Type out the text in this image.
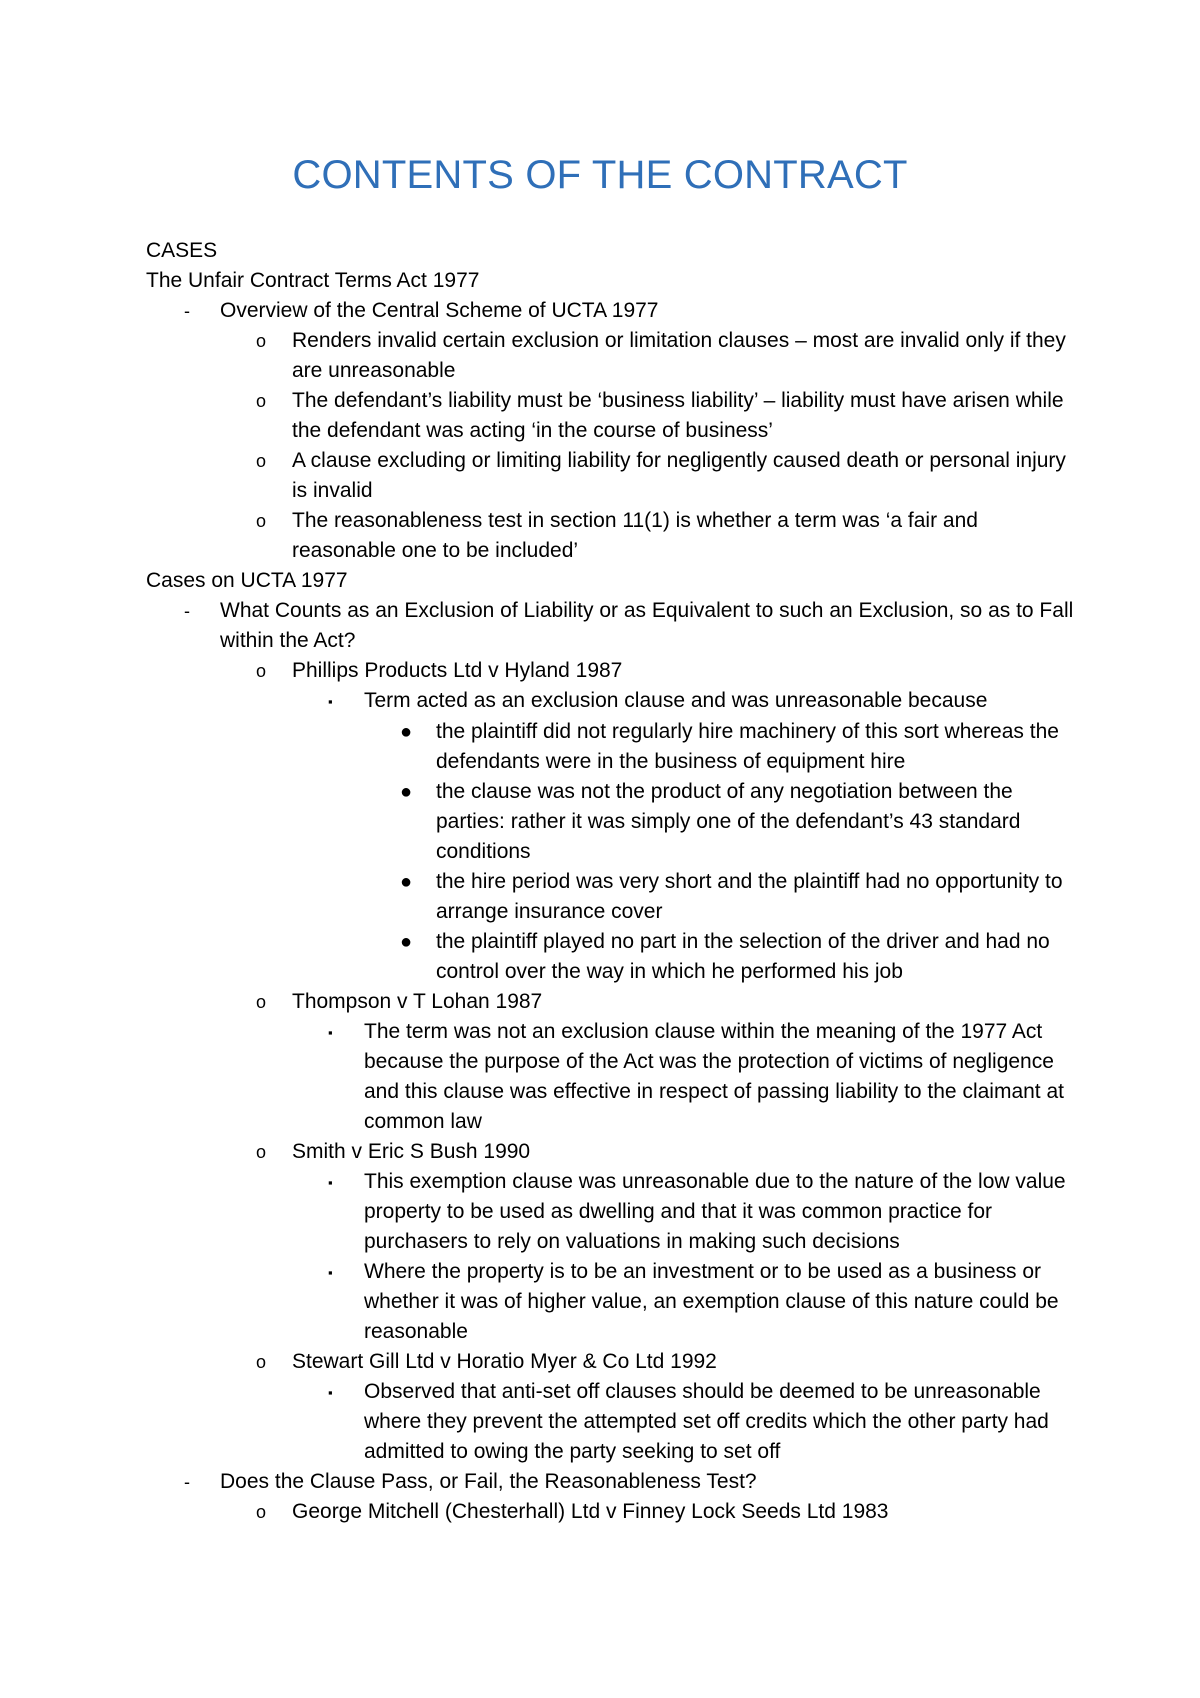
CONTENTS OF THE CONTRACT
CASES
The Unfair Contract Terms Act 1977
-	Overview of the Central Scheme of UCTA 1977
o	Renders invalid certain exclusion or limitation clauses – most are invalid only if they are unreasonable
o	The defendant’s liability must be ‘business liability’ – liability must have arisen while the defendant was acting ‘in the course of business’
o	A clause excluding or limiting liability for negligently caused death or personal injury is invalid
o	The reasonableness test in section 11(1) is whether a term was ‘a fair and reasonable one to be included’
Cases on UCTA 1977
-	What Counts as an Exclusion of Liability or as Equivalent to such an Exclusion, so as to Fall within the Act?
o	Phillips Products Ltd v Hyland 1987
▪	Term acted as an exclusion clause and was unreasonable because
●	the plaintiff did not regularly hire machinery of this sort whereas the defendants were in the business of equipment hire
●	the clause was not the product of any negotiation between the parties: rather it was simply one of the defendant’s 43 standard conditions
●	the hire period was very short and the plaintiff had no opportunity to arrange insurance cover
●	the plaintiff played no part in the selection of the driver and had no control over the way in which he performed his job
o	Thompson v T Lohan 1987
▪	The term was not an exclusion clause within the meaning of the 1977 Act because the purpose of the Act was the protection of victims of negligence and this clause was effective in respect of passing liability to the claimant at common law
o	Smith v Eric S Bush 1990
▪	This exemption clause was unreasonable due to the nature of the low value property to be used as dwelling and that it was common practice for purchasers to rely on valuations in making such decisions
▪	Where the property is to be an investment or to be used as a business or whether it was of higher value, an exemption clause of this nature could be reasonable
o	Stewart Gill Ltd v Horatio Myer & Co Ltd 1992
▪	Observed that anti-set off clauses should be deemed to be unreasonable where they prevent the attempted set off credits which the other party had admitted to owing the party seeking to set off
-	Does the Clause Pass, or Fail, the Reasonableness Test?
o	George Mitchell (Chesterhall) Ltd v Finney Lock Seeds Ltd 1983
